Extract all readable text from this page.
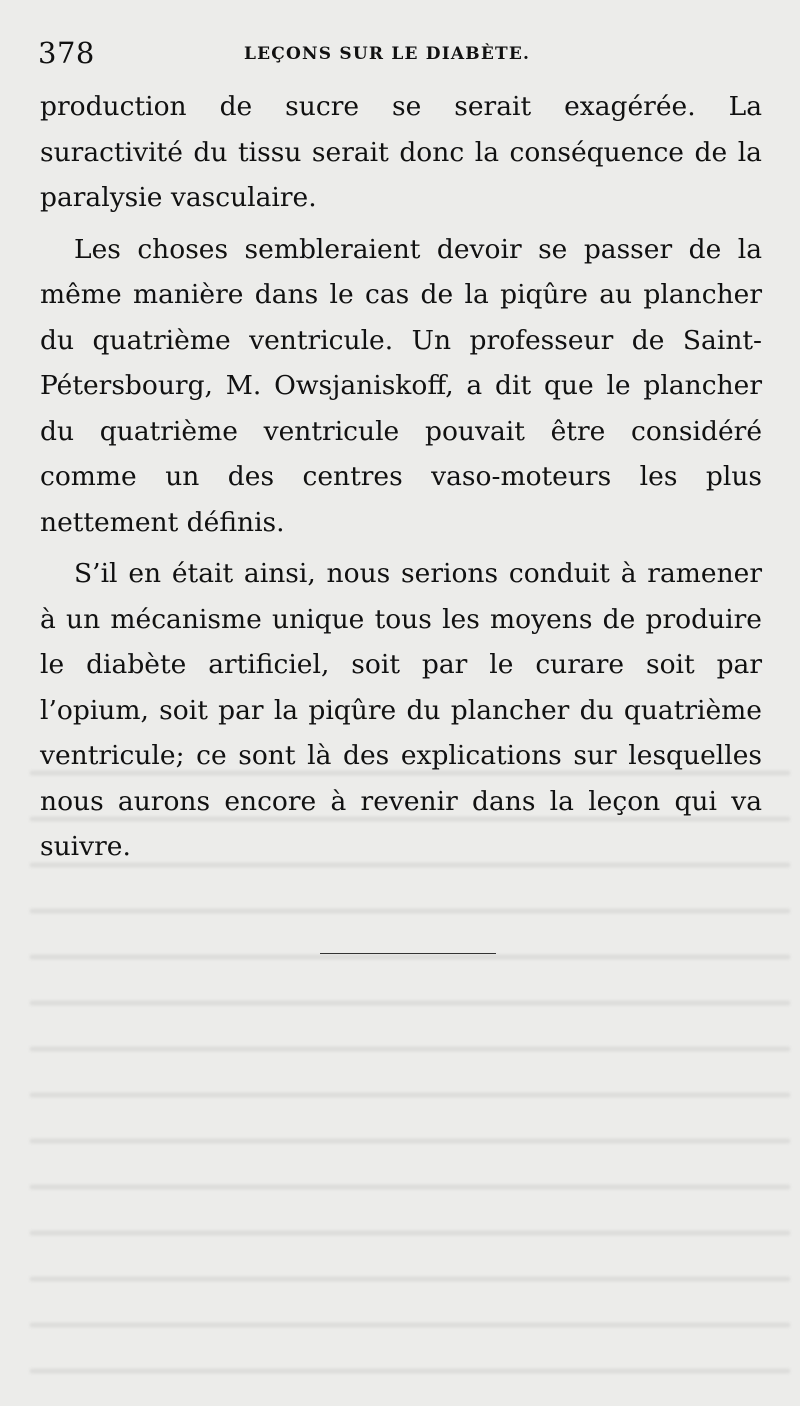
378	LEÇONS SUR LE DIABÈTE.

production de sucre se serait exagérée. La suractivité du tissu serait donc la conséquence de la paralysie vasculaire.

Les choses sembleraient devoir se passer de la même manière dans le cas de la piqûre au plancher du quatrième ventricule. Un professeur de Saint-Pétersbourg, M. Owsjaniskoff, a dit que le plancher du quatrième ventricule pouvait être considéré comme un des centres vaso-moteurs les plus nettement définis.

S’il en était ainsi, nous serions conduit à ramener à un mécanisme unique tous les moyens de produire le diabète artificiel, soit par le curare soit par l’opium, soit par la piqûre du plancher du quatrième ventricule; ce sont là des explications sur lesquelles nous aurons encore à revenir dans la leçon qui va suivre.
